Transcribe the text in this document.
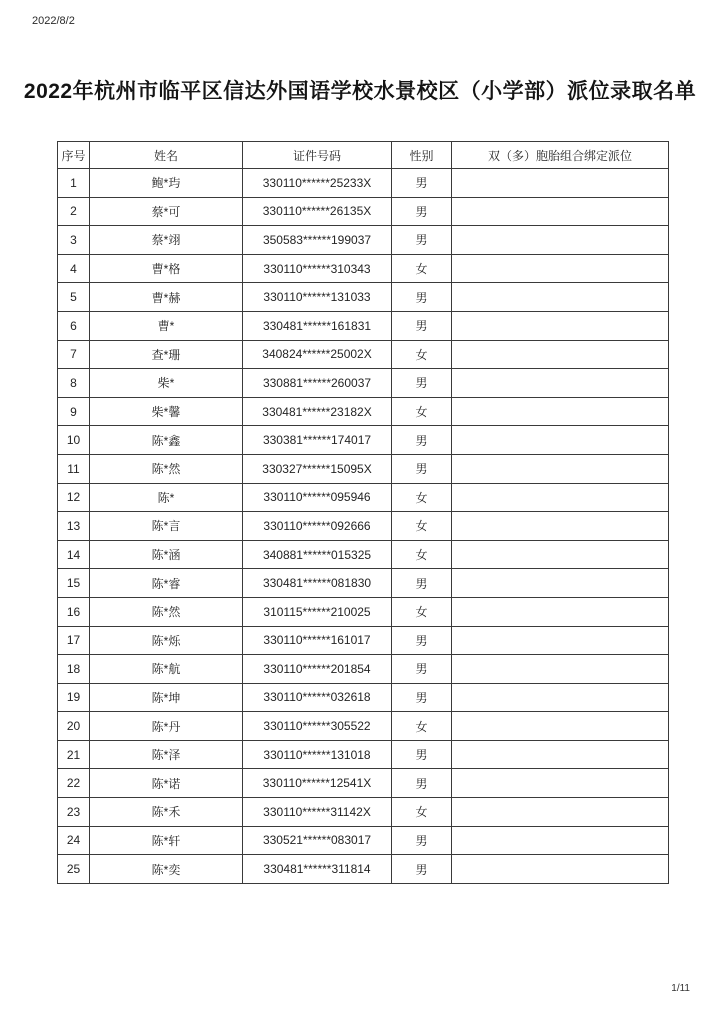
2022/8/2
2022年杭州市临平区信达外国语学校水景校区（小学部）派位录取名单
序号	姓名	证件号码	性别	双（多）胞胎组合绑定派位
1	鲍*玙	330110******25233X	男	
2	蔡*可	330110******26135X	男	
3	蔡*翊	350583******199037	男	
4	曹*格	330110******310343	女	
5	曹*赫	330110******131033	男	
6	曹*	330481******161831	男	
7	查*珊	340824******25002X	女	
8	柴*	330881******260037	男	
9	柴*馨	330481******23182X	女	
10	陈*鑫	330381******174017	男	
11	陈*然	330327******15095X	男	
12	陈*	330110******095946	女	
13	陈*言	330110******092666	女	
14	陈*涵	340881******015325	女	
15	陈*睿	330481******081830	男	
16	陈*然	310115******210025	女	
17	陈*烁	330110******161017	男	
18	陈*航	330110******201854	男	
19	陈*坤	330110******032618	男	
20	陈*丹	330110******305522	女	
21	陈*泽	330110******131018	男	
22	陈*诺	330110******12541X	男	
23	陈*禾	330110******31142X	女	
24	陈*轩	330521******083017	男	
25	陈*奕	330481******311814	男	
1/11
